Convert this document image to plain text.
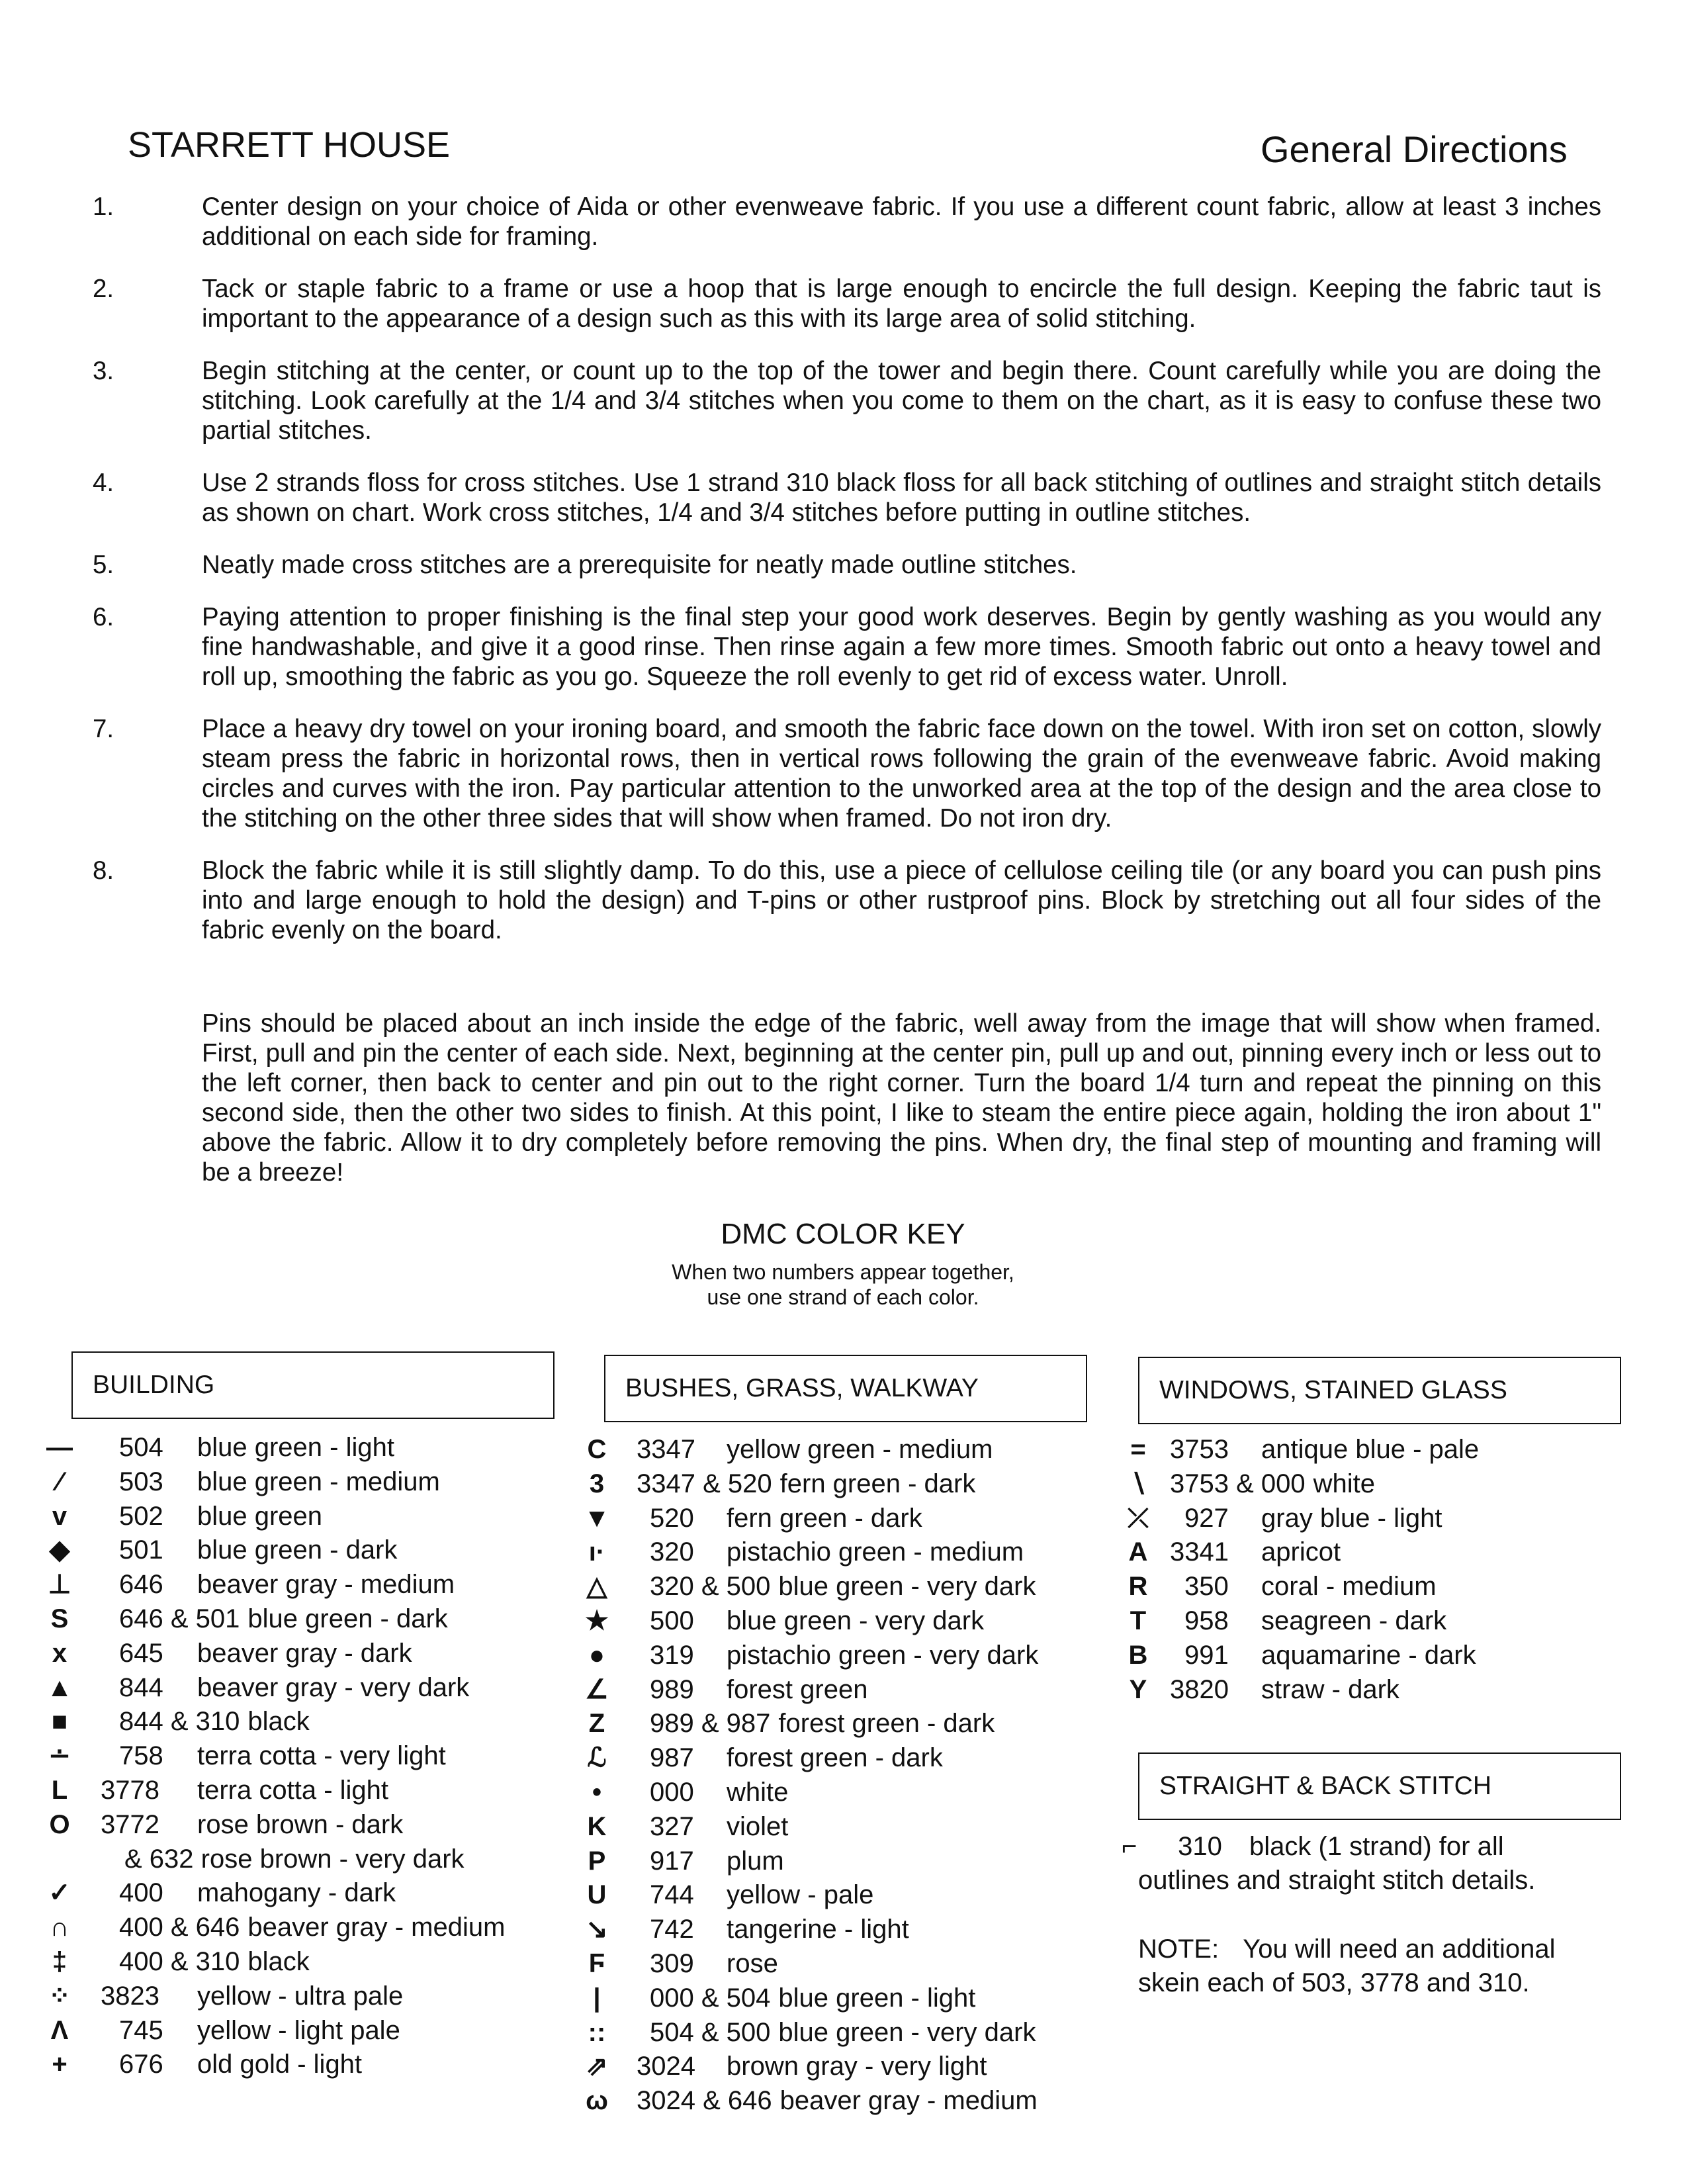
STARRETT HOUSE	General Directions
1.	Center design on your choice of Aida or other evenweave fabric. If you use a different count fabric, allow at least 3 inches additional on each side for framing.
2.	Tack or staple fabric to a frame or use a hoop that is large enough to encircle the full design. Keeping the fabric taut is important to the appearance of a design such as this with its large area of solid stitching.
3.	Begin stitching at the center, or count up to the top of the tower and begin there. Count carefully while you are doing the stitching. Look carefully at the 1/4 and 3/4 stitches when you come to them on the chart, as it is easy to confuse these two partial stitches.
4.	Use 2 strands floss for cross stitches. Use 1 strand 310 black floss for all back stitching of outlines and straight stitch details as shown on chart. Work cross stitches, 1/4 and 3/4 stitches before putting in outline stitches.
5.	Neatly made cross stitches are a prerequisite for neatly made outline stitches.
6.	Paying attention to proper finishing is the final step your good work deserves. Begin by gently washing as you would any fine handwashable, and give it a good rinse. Then rinse again a few more times. Smooth fabric out onto a heavy towel and roll up, smoothing the fabric as you go. Squeeze the roll evenly to get rid of excess water. Unroll.
7.	Place a heavy dry towel on your ironing board, and smooth the fabric face down on the towel. With iron set on cotton, slowly steam press the fabric in horizontal rows, then in vertical rows following the grain of the evenweave fabric. Avoid making circles and curves with the iron. Pay particular attention to the unworked area at the top of the design and the area close to the stitching on the other three sides that will show when framed. Do not iron dry.
8.	Block the fabric while it is still slightly damp. To do this, use a piece of cellulose ceiling tile (or any board you can push pins into and large enough to hold the design) and T-pins or other rustproof pins. Block by stretching out all four sides of the fabric evenly on the board.
Pins should be placed about an inch inside the edge of the fabric, well away from the image that will show when framed. First, pull and pin the center of each side. Next, beginning at the center pin, pull up and out, pinning every inch or less out to the left corner, then back to center and pin out to the right corner. Turn the board 1/4 turn and repeat the pinning on this second side, then the other two sides to finish. At this point, I like to steam the entire piece again, holding the iron about 1" above the fabric. Allow it to dry completely before removing the pins. When dry, the final step of mounting and framing will be a breeze!
DMC COLOR KEY
When two numbers appear together,
use one strand of each color.
BUILDING	BUSHES, GRASS, WALKWAY	WINDOWS, STAINED GLASS
STRAIGHT & BACK STITCH
— 504 blue green - light
⁄	503 blue green - medium
v 502 blue green
◆ 501 blue green - dark
⊥ 646 beaver gray - medium
S 646 & 501 blue green - dark
x 645 beaver gray - dark
▲ 844 beaver gray - very dark
■ 844 & 310 black
∸ 758 terra cotta - very light
L 3778 terra cotta - light
O 3772 rose brown - dark
& 632 rose brown - very dark
✓ 400 mahogany - dark
∩ 400 & 646 beaver gray - medium
‡ 400 & 310 black
⁘ 3823 yellow - ultra pale
Λ 745 yellow - light pale
+ 676 old gold - light
C 3347 yellow green - medium
3 3347 & 520 fern green - dark
▼ 520 fern green - dark
ı· 320 pistachio green - medium
△ 320 & 500 blue green - very dark
★ 500 blue green - very dark
● 319 pistachio green - very dark
∠ 989 forest green
Z 989 & 987 forest green - dark
ℒ 987 forest green - dark
•	000 white
K 327 violet
P 917 plum
U 744 yellow - pale
↘ 742 tangerine - light
Ϝ 309 rose
|	000 & 504 blue green - light
:: 504 & 500 blue green - very dark
⇗ 3024 brown gray - very light
ω 3024 & 646 beaver gray - medium
= 3753 antique blue - pale
∖ 3753 & 000 white
⤫ 927 gray blue - light
A 3341 apricot
R 350 coral - medium
T 958 seagreen - dark
B 991 aquamarine - dark
Y 3820 straw - dark
⌐ 310 black (1 strand) for all
outlines and straight stitch details.
NOTE: You will need an additional
skein each of 503, 3778 and 310.
